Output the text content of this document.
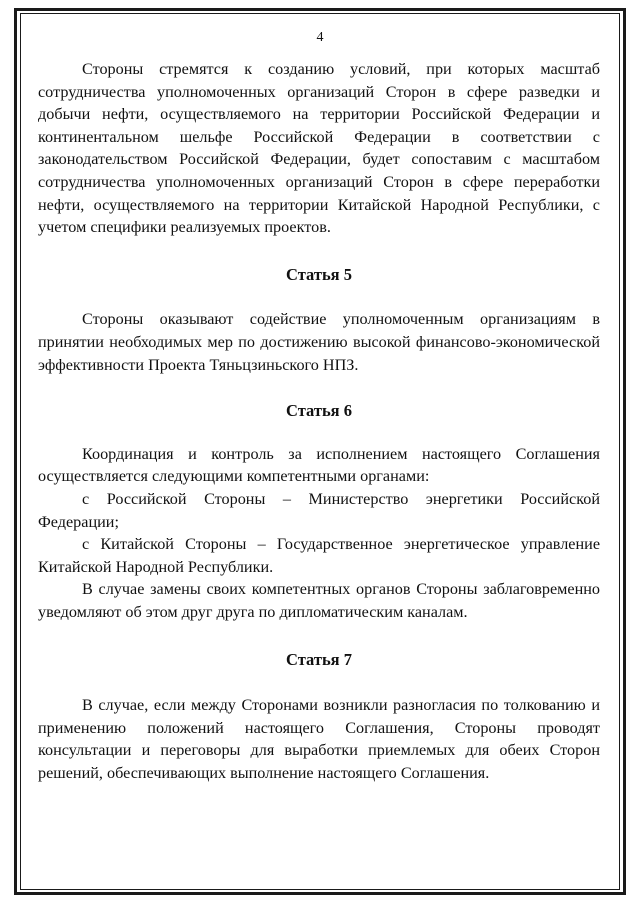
4

Стороны стремятся к созданию условий, при которых масштаб сотрудничества уполномоченных организаций Сторон в сфере разведки и добычи нефти, осуществляемого на территории Российской Федерации и континентальном шельфе Российской Федерации в соответствии с законодательством Российской Федерации, будет сопоставим с масштабом сотрудничества уполномоченных организаций Сторон в сфере переработки нефти, осуществляемого на территории Китайской Народной Республики, с учетом специфики реализуемых проектов.

Статья 5

Стороны оказывают содействие уполномоченным организациям в принятии необходимых мер по достижению высокой финансово-экономической эффективности Проекта Тяньцзиньского НПЗ.

Статья 6

Координация и контроль за исполнением настоящего Соглашения осуществляется следующими компетентными органами:

с Российской Стороны – Министерство энергетики Российской Федерации;

с Китайской Стороны – Государственное энергетическое управление Китайской Народной Республики.

В случае замены своих компетентных органов Стороны заблаговременно уведомляют об этом друг друга по дипломатическим каналам.

Статья 7

В случае, если между Сторонами возникли разногласия по толкованию и применению положений настоящего Соглашения, Стороны проводят консультации и переговоры для выработки приемлемых для обеих Сторон решений, обеспечивающих выполнение настоящего Соглашения.
